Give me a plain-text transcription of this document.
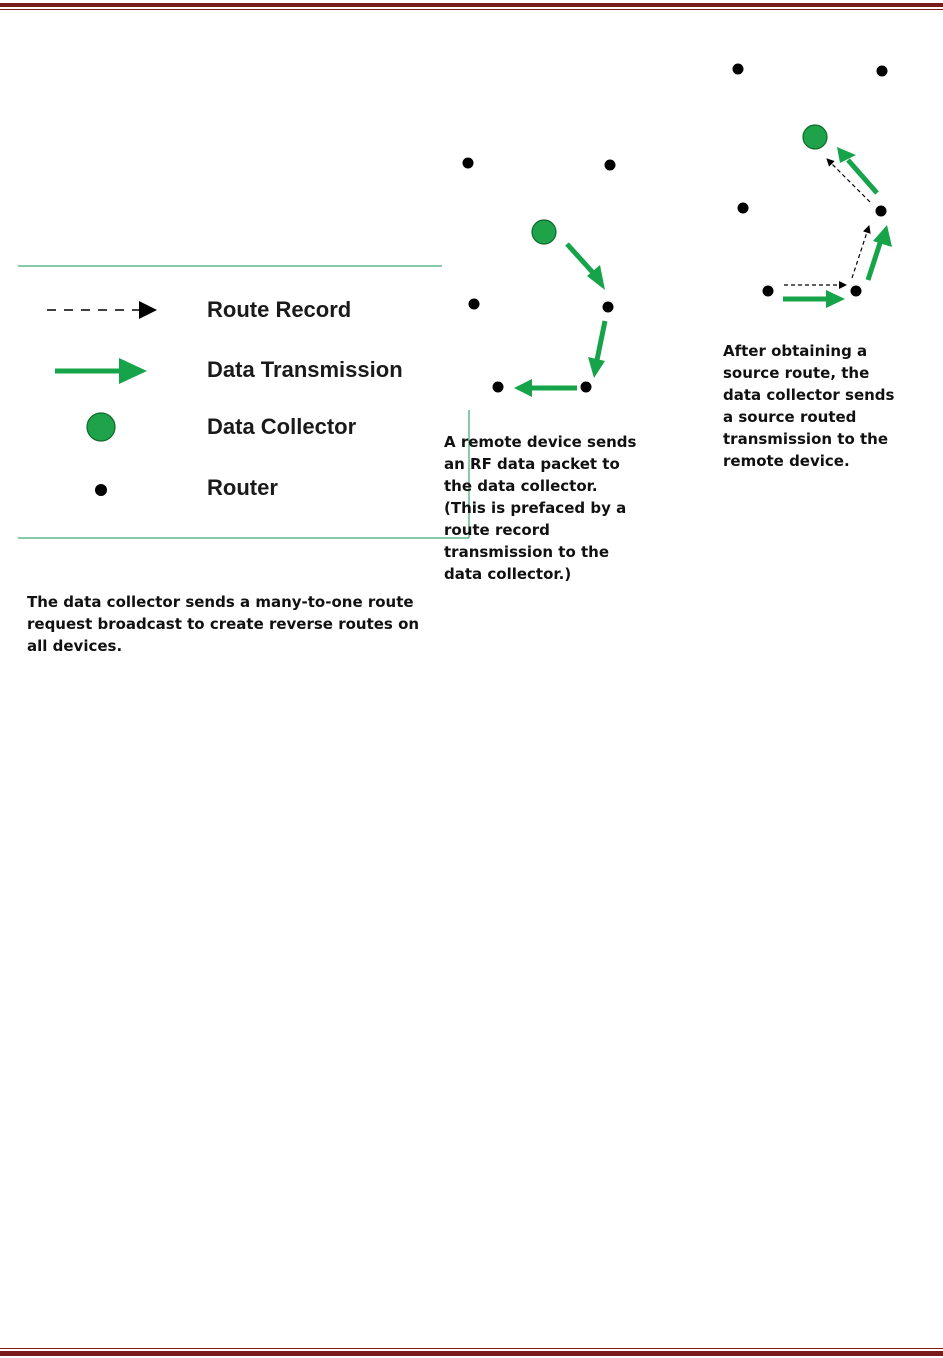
Route Record
Data Transmission
Data Collector
Router
The data collector sends a many-to-one route
request broadcast to create reverse routes on
all devices.
A remote device sends
an RF data packet to
the data collector.
(This is prefaced by a
route record
transmission to the
data collector.)
After obtaining a
source route, the
data collector sends
a source routed
transmission to the
remote device.
